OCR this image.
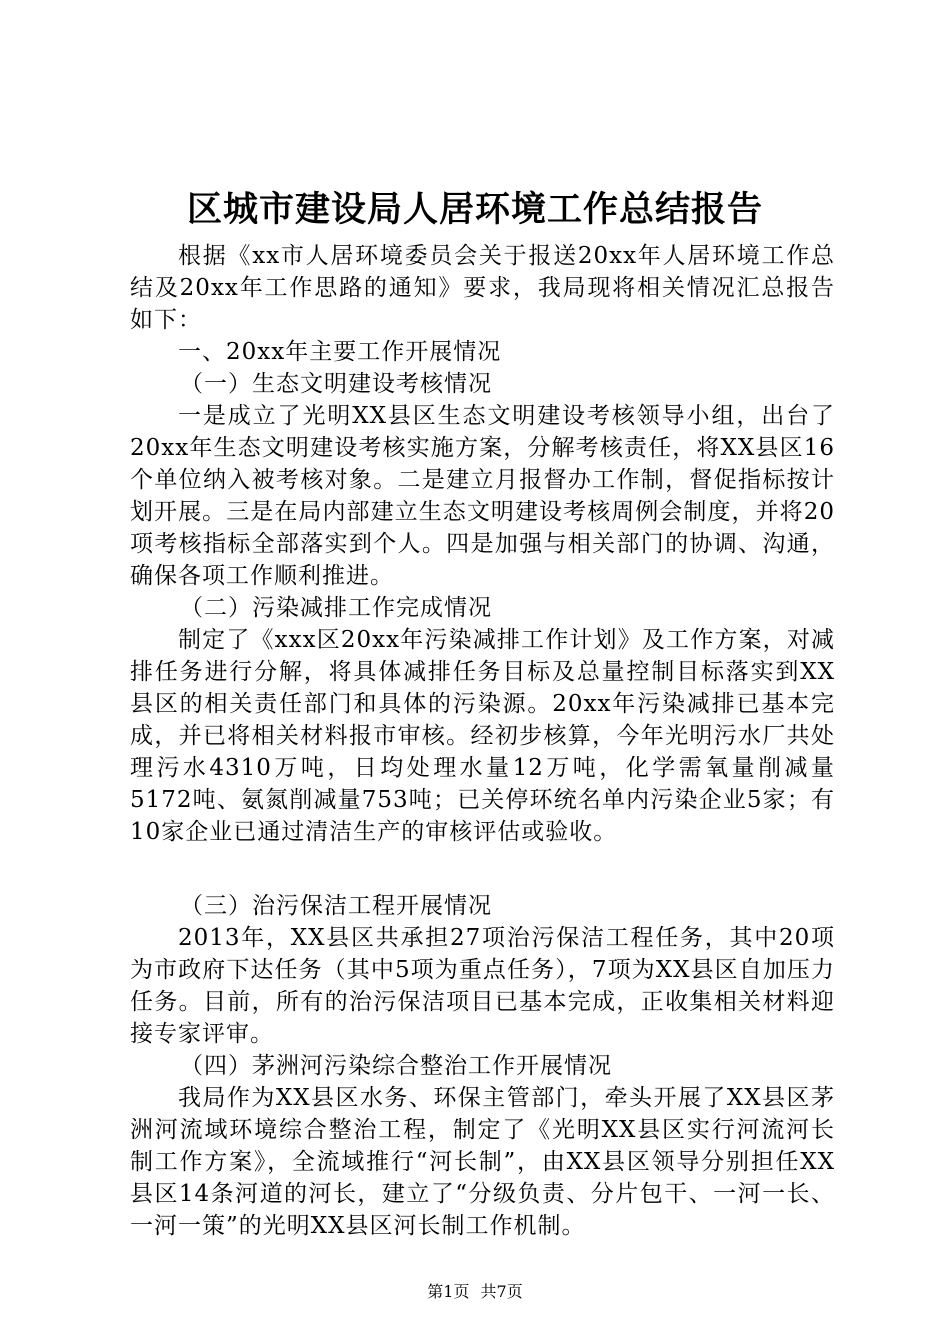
区城市建设局人居环境工作总结报告

根据《xx市人居环境委员会关于报送20xx年人居环境工作总结及20xx年工作思路的通知》要求，我局现将相关情况汇总报告如下：

一、20xx年主要工作开展情况

（一）生态文明建设考核情况

一是成立了光明XX县区生态文明建设考核领导小组，出台了20xx年生态文明建设考核实施方案，分解考核责任，将XX县区16个单位纳入被考核对象。二是建立月报督办工作制，督促指标按计划开展。三是在局内部建立生态文明建设考核周例会制度，并将20项考核指标全部落实到个人。四是加强与相关部门的协调、沟通，确保各项工作顺利推进。

（二）污染减排工作完成情况

制定了《xxx区20xx年污染减排工作计划》及工作方案，对减排任务进行分解，将具体减排任务目标及总量控制目标落实到XX县区的相关责任部门和具体的污染源。20xx年污染减排已基本完成，并已将相关材料报市审核。经初步核算，今年光明污水厂共处理污水4310万吨，日均处理水量12万吨，化学需氧量削减量5172吨、氨氮削减量753吨；已关停环统名单内污染企业5家；有10家企业已通过清洁生产的审核评估或验收。

（三）治污保洁工程开展情况

2013年，XX县区共承担27项治污保洁工程任务，其中20项为市政府下达任务（其中5项为重点任务），7项为XX县区自加压力任务。目前，所有的治污保洁项目已基本完成，正收集相关材料迎接专家评审。

（四）茅洲河污染综合整治工作开展情况

我局作为XX县区水务、环保主管部门，牵头开展了XX县区茅洲河流域环境综合整治工程，制定了《光明XX县区实行河流河长制工作方案》，全流域推行“河长制”，由XX县区领导分别担任XX县区14条河道的河长，建立了“分级负责、分片包干、一河一长、一河一策”的光明XX县区河长制工作机制。

第1页 共7页
